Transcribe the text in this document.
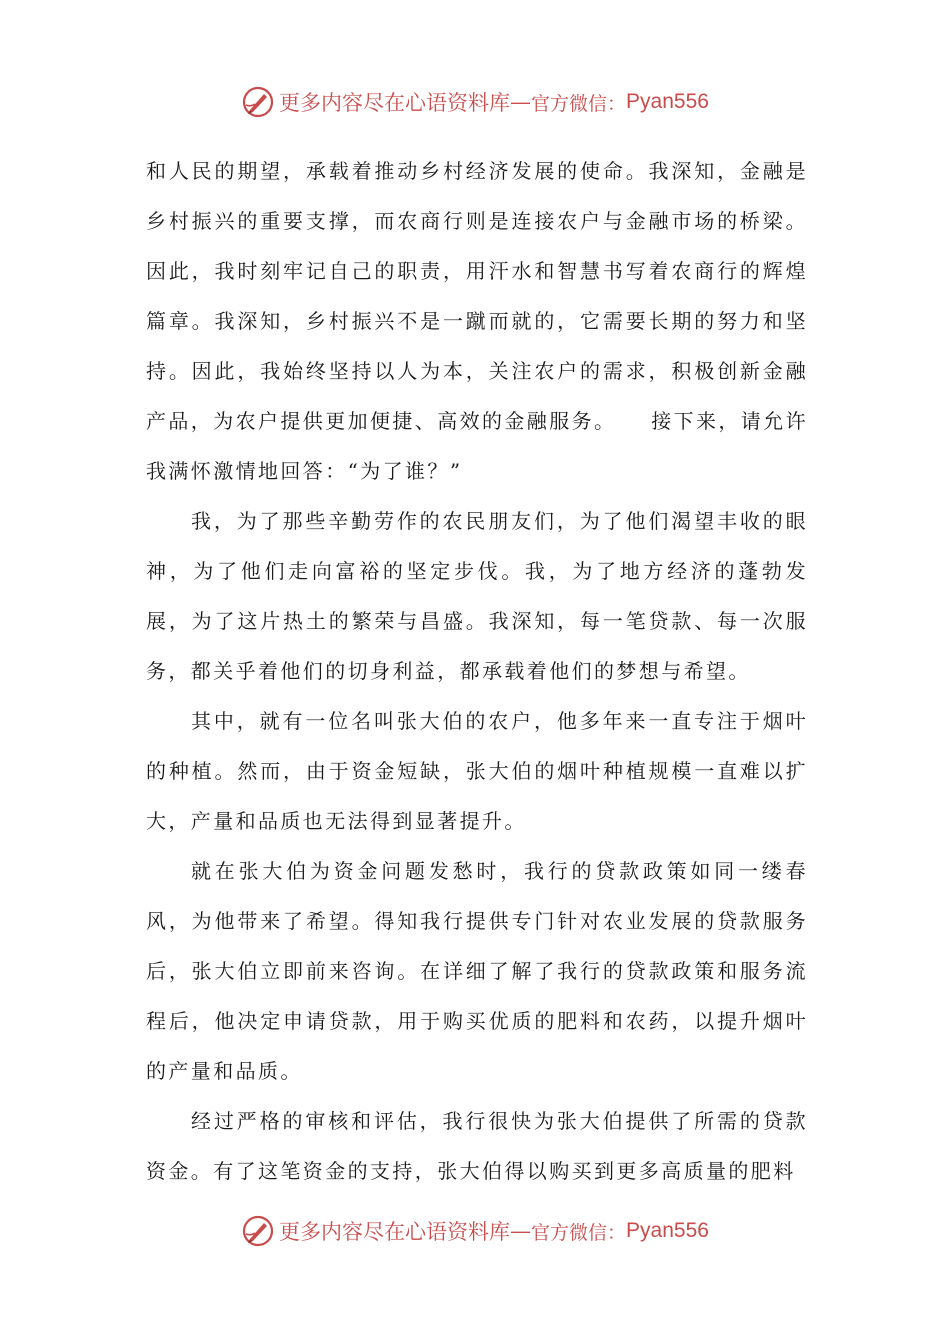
更多内容尽在心语资料库 — 官方微信： Pyan556

和人民的期望，承载着推动乡村经济发展的使命。我深知，金融是乡村振兴的重要支撑，而农商行则是连接农户与金融市场的桥梁。因此，我时刻牢记自己的职责，用汗水和智慧书写着农商行的辉煌篇章。我深知，乡村振兴不是一蹴而就的，它需要长期的努力和坚持。因此，我始终坚持以人为本，关注农户的需求，积极创新金融产品，为农户提供更加便捷、高效的金融服务。　　接下来，请允许我满怀激情地回答：“为了谁？”

我，为了那些辛勤劳作的农民朋友们，为了他们渴望丰收的眼神，为了他们走向富裕的坚定步伐。我，为了地方经济的蓬勃发展，为了这片热土的繁荣与昌盛。我深知，每一笔贷款、每一次服务，都关乎着他们的切身利益，都承载着他们的梦想与希望。

其中，就有一位名叫张大伯的农户，他多年来一直专注于烟叶的种植。然而，由于资金短缺，张大伯的烟叶种植规模一直难以扩大，产量和品质也无法得到显著提升。

就在张大伯为资金问题发愁时，我行的贷款政策如同一缕春风，为他带来了希望。得知我行提供专门针对农业发展的贷款服务后，张大伯立即前来咨询。在详细了解了我行的贷款政策和服务流程后，他决定申请贷款，用于购买优质的肥料和农药，以提升烟叶的产量和品质。

经过严格的审核和评估，我行很快为张大伯提供了所需的贷款资金。有了这笔资金的支持，张大伯得以购买到更多高质量的肥料

更多内容尽在心语资料库 — 官方微信： Pyan556
